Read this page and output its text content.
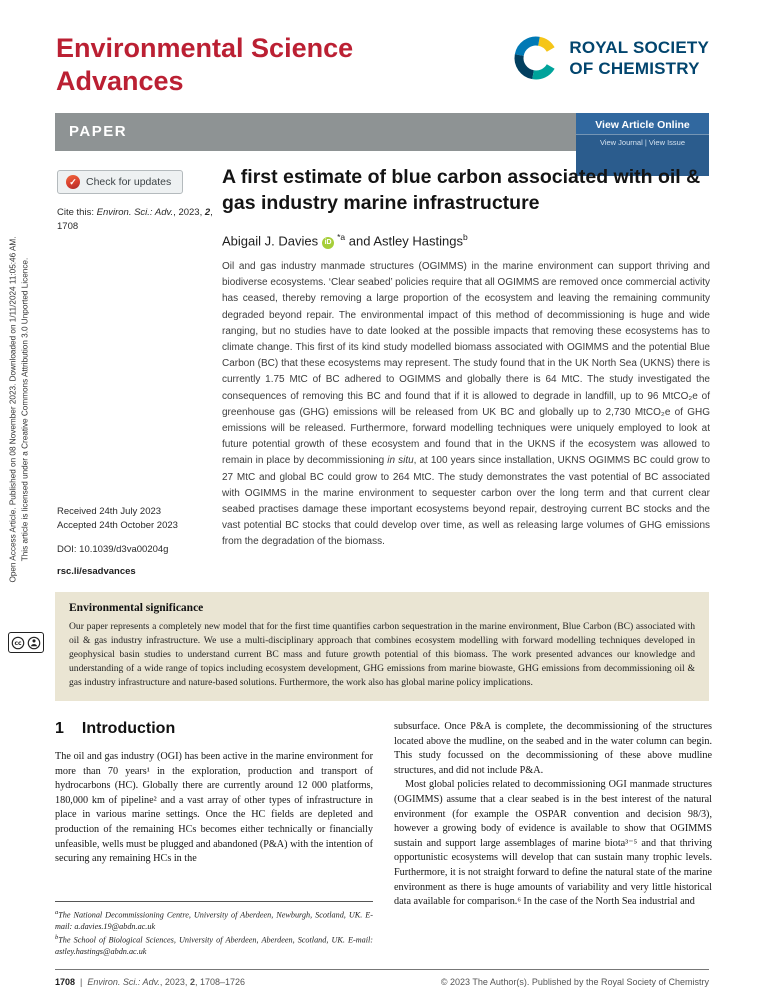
Environmental Science
Advances
ROYAL SOCIETY
OF CHEMISTRY
PAPER	View Article Online
View Journal | View Issue
✓ Check for updates
Cite this: Environ. Sci.: Adv., 2023, 2, 1708
Received 24th July 2023
Accepted 24th October 2023
DOI: 10.1039/d3va00204g
rsc.li/esadvances
A first estimate of blue carbon associated with oil & gas industry marine infrastructure
Abigail J. Davies $iD^{*a}$ and Astley Hastings$^b$
Oil and gas industry manmade structures (OGIMMS) in the marine environment can support thriving and biodiverse ecosystems. ‘Clear seabed’ policies require that all OGIMMS are removed once commercial activity has ceased, thereby removing a large proportion of the ecosystem and leaving the remaining community degraded beyond repair. The environmental impact of this method of decommissioning is huge and wide ranging, but no studies have to date looked at the possible impacts that removing these ecosystems has to climate change. This first of its kind study modelled biomass associated with OGIMMS and the potential Blue Carbon (BC) that these ecosystems may represent. The study found that in the UK North Sea (UKNS) there is currently 1.75 MtC of BC adhered to OGIMMS and globally there is 64 MtC. The study investigated the consequences of removing this BC and found that if it is allowed to degrade in landfill, up to 96 MtCO₂e of greenhouse gas (GHG) emissions will be released from UK BC and globally up to 2,730 MtCO₂e of GHG emissions will be released. Furthermore, forward modelling techniques were uniquely employed to look at future potential growth of these ecosystem and found that in the UKNS if the ecosystem was allowed to remain in place by decommissioning in situ, at 100 years since installation, UKNS OGIMMS BC could grow to 27 MtC and global BC could grow to 264 MtC. The study demonstrates the vast potential of BC associated with OGIMMS in the marine environment to sequester carbon over the long term and that current clear seabed practises damage these important ecosystems beyond repair, destroying current BC stocks and the vast potential BC stocks that could develop over time, as well as releasing large volumes of GHG emissions from the degradation of the biomass.
Open Access Article. Published on 08 November 2023. Downloaded on 1/11/2024 11:05:46 AM. This article is licensed under a Creative Commons Attribution 3.0 Unported Licence.
cc
Environmental significance

Our paper represents a completely new model that for the first time quantifies carbon sequestration in the marine environment, Blue Carbon (BC) associated with oil & gas industry infrastructure. We use a multi-disciplinary approach that combines ecosystem modelling with forward modelling techniques developed in geophysical basin studies to understand current BC mass and future growth potential of this biomass. The work presented advances our knowledge and understanding of a wide range of topics including ecosystem development, GHG emissions from marine biowaste, GHG emissions from decommissioning oil & gas industry infrastructure and nature-based solutions. Furthermore, the work also has global marine policy implications.

1 Introduction

The oil and gas industry (OGI) has been active in the marine environment for more than 70 years¹ in the exploration, production and transport of hydrocarbons (HC). Globally there are currently around 12 000 platforms, 180,000 km of pipeline² and a vast array of other types of infrastructure in place in various marine settings. Once the HC fields are depleted and production of the remaining HCs becomes either technically or financially unfeasible, wells must be plugged and abandoned (P&A) with the intention of securing any remaining HCs in the

subsurface. Once P&A is complete, the decommissioning of the structures located above the mudline, on the seabed and in the water column can begin. This study focussed on the decommissioning of these above mudline structures, and did not include P&A.

Most global policies related to decommissioning OGI manmade structures (OGIMMS) assume that a clear seabed is in the best interest of the natural environment (for example the OSPAR convention and decision 98/3), however a growing body of evidence is available to show that OGIMMS sustain and support large assemblages of marine biota³⁻⁵ and that thriving opportunistic ecosystems will develop that can sustain many trophic levels. Furthermore, it is not straight forward to define the natural state of the marine environment as there is huge amounts of variability and very little historical data available for comparison.⁶ In the case of the North Sea industrial and

$^a$The National Decommissioning Centre, University of Aberdeen, Newburgh, Scotland, UK. E-mail: a.davies.19@abdn.ac.uk

$^b$The School of Biological Sciences, University of Aberdeen, Aberdeen, Scotland, UK. E-mail: astley.hastings@abdn.ac.uk

1708 | Environ. Sci.: Adv., 2023, 2, 1708–1726	© 2023 The Author(s). Published by the Royal Society of Chemistry
